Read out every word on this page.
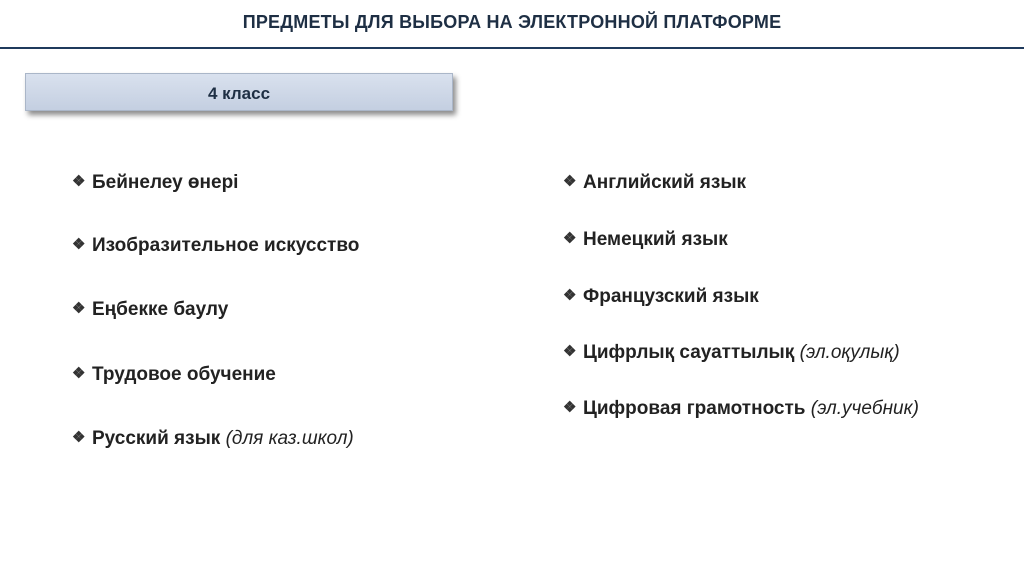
ПРЕДМЕТЫ ДЛЯ ВЫБОРА НА ЭЛЕКТРОННОЙ ПЛАТФОРМЕ
4 класс
❖ Бейнелеу өнері
❖ Изобразительное искусство
❖ Еңбекке баулу
❖ Трудовое обучение
❖ Русский язык (для каз.школ)
❖ Английский язык
❖ Немецкий язык
❖ Французский язык
❖ Цифрлық сауаттылық (эл.оқулық)
❖ Цифровая грамотность (эл.учебник)
